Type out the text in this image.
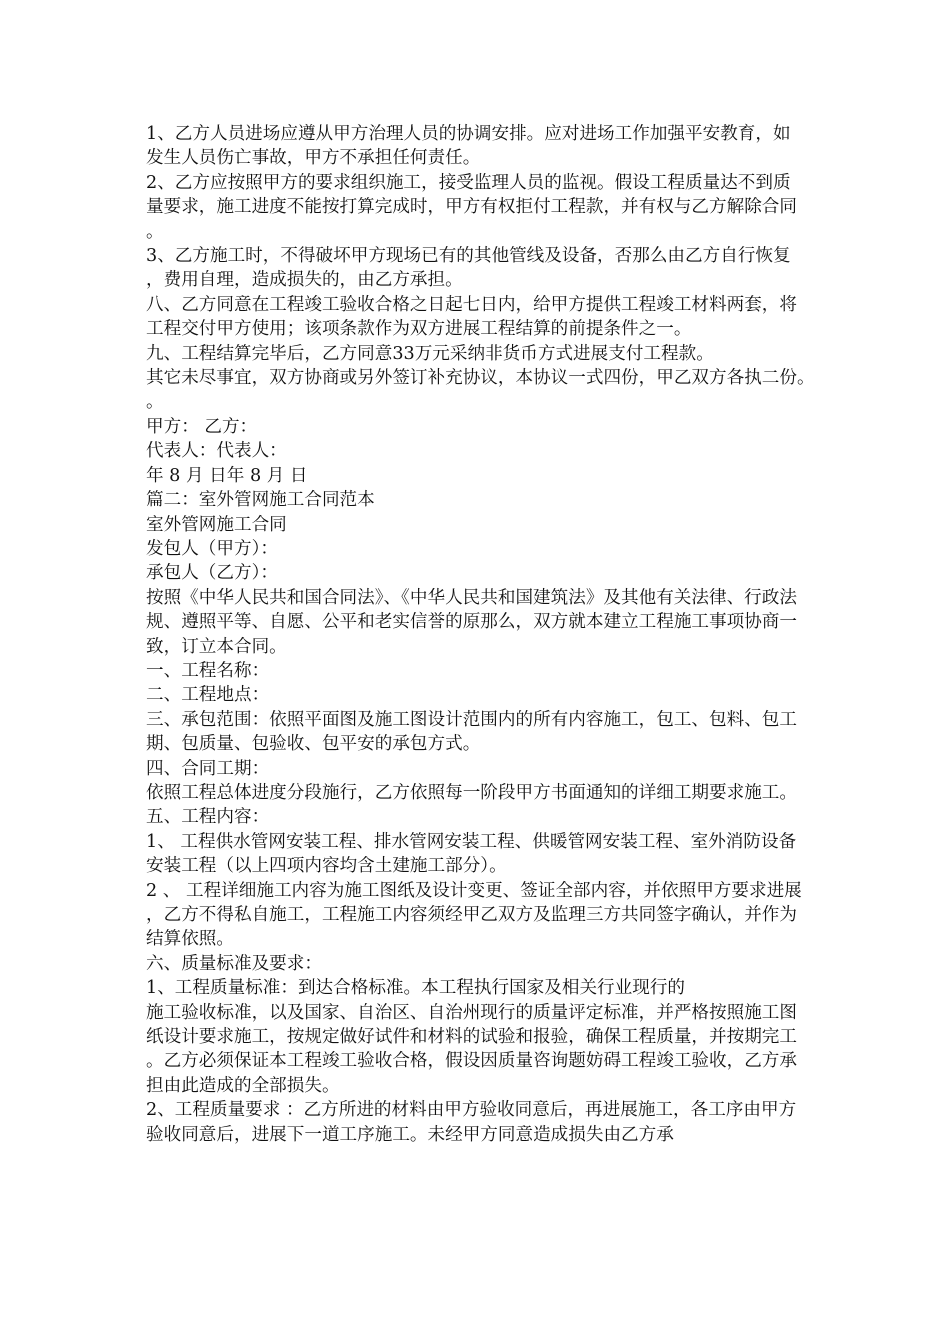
1、乙方人员进场应遵从甲方治理人员的协调安排。应对进场工作加强平安教育，如发生人员伤亡事故，甲方不承担任何责任。

2、乙方应按照甲方的要求组织施工，接受监理人员的监视。假设工程质量达不到质量要求，施工进度不能按打算完成时，甲方有权拒付工程款，并有权与乙方解除合同。

3、乙方施工时，不得破坏甲方现场已有的其他管线及设备，否那么由乙方自行恢复，费用自理，造成损失的，由乙方承担。

八、乙方同意在工程竣工验收合格之日起七日内，给甲方提供工程竣工材料两套，将工程交付甲方使用；该项条款作为双方进展工程结算的前提条件之一。

九、工程结算完毕后，乙方同意33万元采纳非货币方式进展支付工程款。

其它未尽事宜，双方协商或另外签订补充协议，本协议一式四份，甲乙双方各执二份。。

甲方： 乙方：

代表人：代表人：

年 8 月 日年 8 月 日

篇二：室外管网施工合同范本

室外管网施工合同

发包人（甲方）：

承包人（乙方）：

按照《中华人民共和国合同法》、《中华人民共和国建筑法》及其他有关法律、行政法规、遵照平等、自愿、公平和老实信誉的原那么，双方就本建立工程施工事项协商一致，订立本合同。

一、工程名称：

二、工程地点：

三、承包范围：依照平面图及施工图设计范围内的所有内容施工，包工、包料、包工期、包质量、包验收、包平安的承包方式。

四、合同工期：

依照工程总体进度分段施行，乙方依照每一阶段甲方书面通知的详细工期要求施工。

五、工程内容：

1、 工程供水管网安装工程、排水管网安装工程、供暖管网安装工程、室外消防设备安装工程（以上四项内容均含土建施工部分）。

2 、 工程详细施工内容为施工图纸及设计变更、签证全部内容，并依照甲方要求进展，乙方不得私自施工，工程施工内容须经甲乙双方及监理三方共同签字确认，并作为结算依照。

六、质量标准及要求：

1、工程质量标准：到达合格标准。本工程执行国家及相关行业现行的

施工验收标准，以及国家、自治区、自治州现行的质量评定标准，并严格按照施工图纸设计要求施工，按规定做好试件和材料的试验和报验，确保工程质量，并按期完工。乙方必须保证本工程竣工验收合格，假设因质量咨询题妨碍工程竣工验收，乙方承担由此造成的全部损失。

2、工程质量要求 ：乙方所进的材料由甲方验收同意后，再进展施工，各工序由甲方验收同意后，进展下一道工序施工。未经甲方同意造成损失由乙方承
